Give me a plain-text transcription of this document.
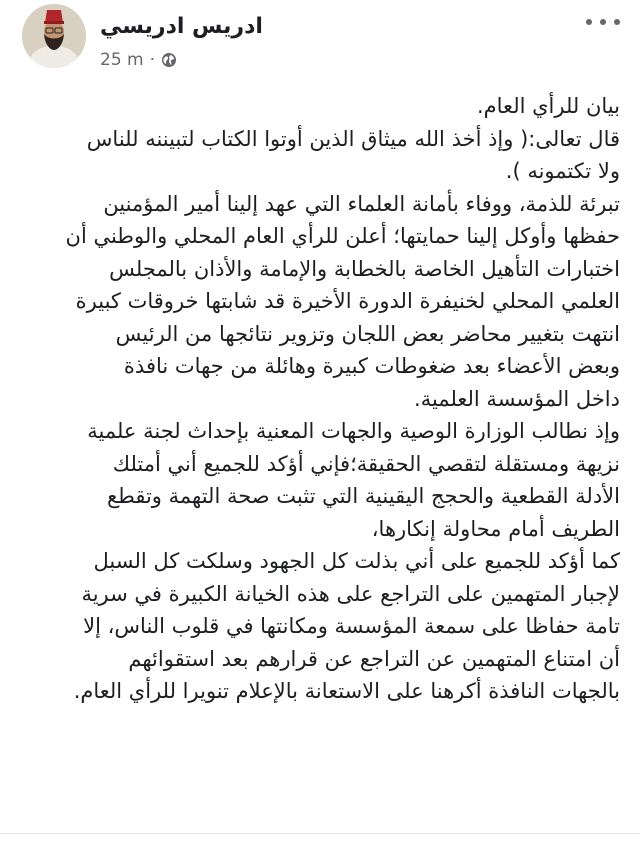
ادريس ادريسي
25 m ·

بيان للرأي العام.

قال تعالى:( وإذ أخذ الله ميثاق الذين أوتوا الكتاب لتبيننه للناس

ولا تكتمونه ).

تبرئة للذمة، ووفاء بأمانة العلماء التي عهد إلينا أمير المؤمنين

حفظها وأوكل إلينا حمايتها؛ أعلن للرأي العام المحلي والوطني أن

اختبارات التأهيل الخاصة بالخطابة والإمامة والأذان بالمجلس

العلمي المحلي لخنيفرة الدورة الأخيرة قد شابتها خروقات كبيرة

انتهت بتغيير محاضر بعض اللجان وتزوير نتائجها من الرئيس

وبعض الأعضاء بعد ضغوطات كبيرة وهائلة من جهات نافذة

داخل المؤسسة العلمية.

وإذ نطالب الوزارة الوصية والجهات المعنية بإحداث لجنة علمية

نزيهة ومستقلة لتقصي الحقيقة؛فإني أؤكد للجميع أني أمتلك

الأدلة القطعية والحجج اليقينية التي تثبت صحة التهمة وتقطع

الطريف أمام محاولة إنكارها،

كما أؤكد للجميع على أني بذلت كل الجهود وسلكت كل السبل

لإجبار المتهمين على التراجع على هذه الخيانة الكبيرة في سرية

تامة حفاظا على سمعة المؤسسة ومكانتها في قلوب الناس، إلا

أن امتناع المتهمين عن التراجع عن قرارهم بعد استقوائهم

بالجهات النافذة أكرهنا على الاستعانة بالإعلام تنويرا للرأي العام.
